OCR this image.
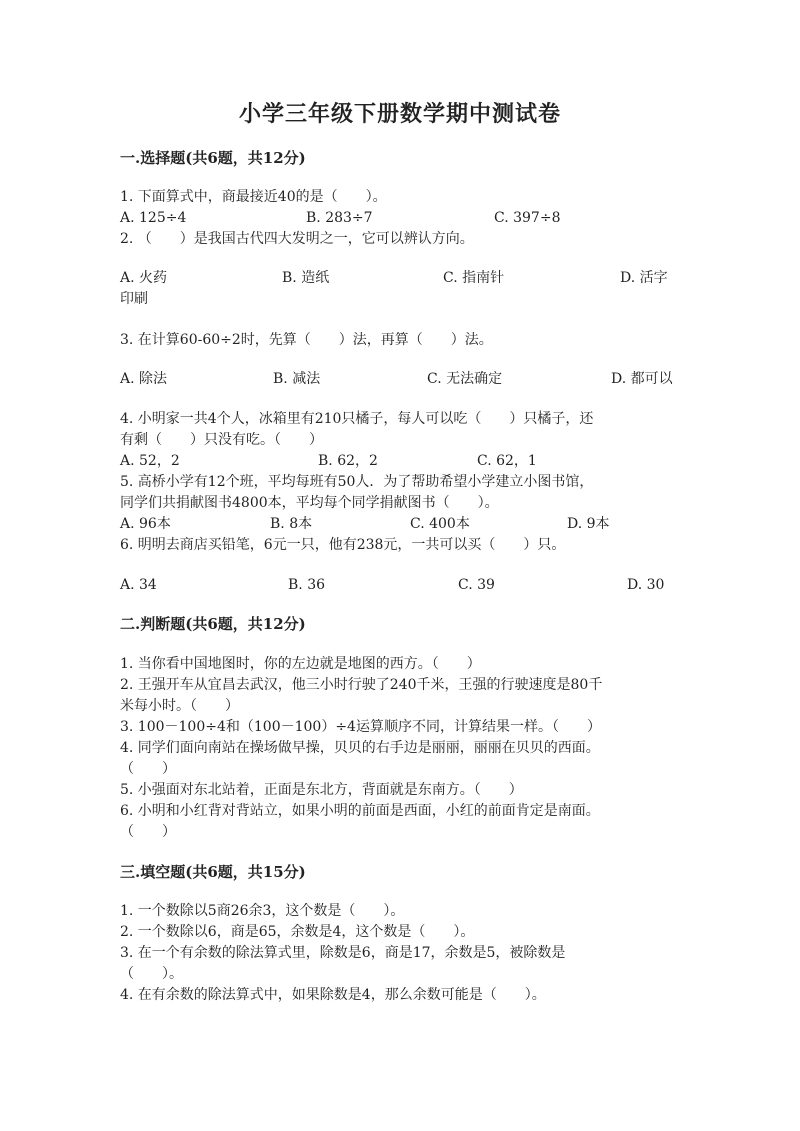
小学三年级下册数学期中测试卷
一.选择题(共6题，共12分)
1. 下面算式中，商最接近40的是（　　）。
A. 125÷4	B. 283÷7	C. 397÷8
2. （　　）是我国古代四大发明之一，它可以辨认方向。
A. 火药	B. 造纸	C. 指南针	D. 活字
印刷
3. 在计算60-60÷2时，先算（　　）法，再算（　　）法。
A. 除法	B. 减法	C. 无法确定	D. 都可以
4. 小明家一共4个人，冰箱里有210只橘子，每人可以吃（　　）只橘子，还
有剩（　　）只没有吃。（　　）
A. 52，2	B. 62，2	C. 62，1
5. 高桥小学有12个班，平均每班有50人．为了帮助希望小学建立小图书馆，
同学们共捐献图书4800本，平均每个同学捐献图书（　　）。
A. 96本	B. 8本	C. 400本	D. 9本
6. 明明去商店买铅笔，6元一只，他有238元，一共可以买（　　）只。
A. 34	B. 36	C. 39	D. 30
二.判断题(共6题，共12分)
1. 当你看中国地图时，你的左边就是地图的西方。（　　）
2. 王强开车从宜昌去武汉，他三小时行驶了240千米，王强的行驶速度是80千
米每小时。（　　）
3. 100－100÷4和（100－100）÷4运算顺序不同，计算结果一样。（　　）
4. 同学们面向南站在操场做早操，贝贝的右手边是丽丽，丽丽在贝贝的西面。
（　　）
5. 小强面对东北站着，正面是东北方，背面就是东南方。（　　）
6. 小明和小红背对背站立，如果小明的前面是西面，小红的前面肯定是南面。
（　　）
三.填空题(共6题，共15分)
1. 一个数除以5商26余3，这个数是（　　）。
2. 一个数除以6，商是65，余数是4，这个数是（　　）。
3. 在一个有余数的除法算式里，除数是6，商是17，余数是5，被除数是
（　　）。
4. 在有余数的除法算式中，如果除数是4，那么余数可能是（　　）。
